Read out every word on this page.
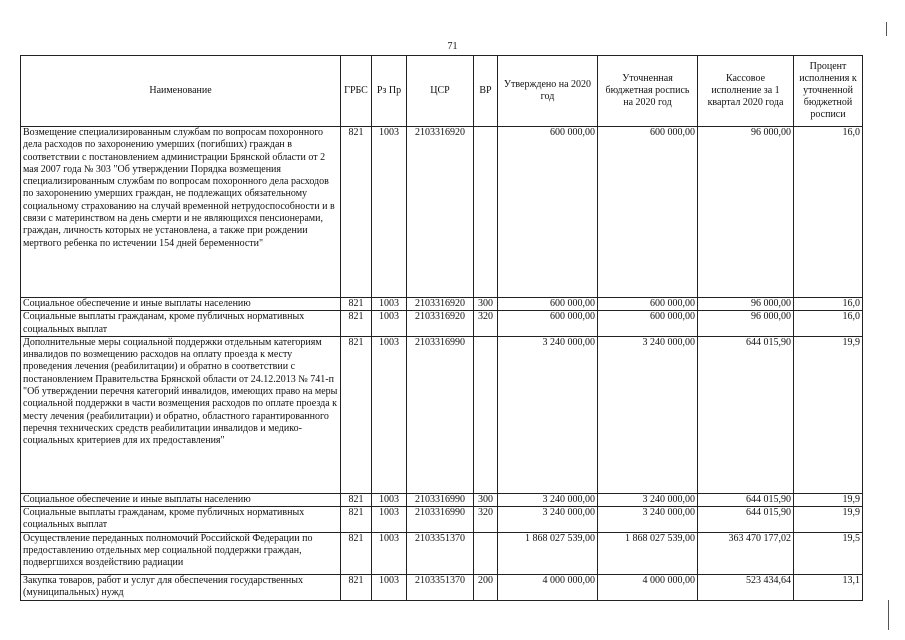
71
Наименование	ГРБС	Рз Пр	ЦСР	ВР	Утверждено на 2020 год	Уточненная бюджетная роспись на 2020 год	Кассовое исполнение за 1 квартал 2020 года	Процент исполнения к уточненной бюджетной росписи
Возмещение специализированным службам по вопросам похоронного дела расходов по захоронению умерших (погибших) граждан в соответствии с постановлением администрации Брянской области от 2 мая 2007 года № 303 "Об утверждении Порядка возмещения специализированным службам по вопросам похоронного дела расходов по захоронению умерших граждан, не подлежащих обязательному социальному страхованию на случай временной нетрудоспособности и в связи с материнством на день смерти и не являющихся пенсионерами, граждан, личность которых не установлена, а также при рождении мертвого ребенка по истечении 154 дней беременности"	821	1003	2103316920		600 000,00	600 000,00	96 000,00	16,0
Социальное обеспечение и иные выплаты населению	821	1003	2103316920	300	600 000,00	600 000,00	96 000,00	16,0
Социальные выплаты гражданам, кроме публичных нормативных социальных выплат	821	1003	2103316920	320	600 000,00	600 000,00	96 000,00	16,0
Дополнительные меры социальной поддержки отдельным категориям инвалидов по возмещению расходов на оплату проезда к месту проведения лечения (реабилитации) и обратно в соответствии с постановлением Правительства Брянской области от 24.12.2013 № 741-п "Об утверждении перечня категорий инвалидов, имеющих право на меры социальной поддержки в части возмещения расходов по оплате проезда к месту лечения (реабилитации) и обратно, областного гарантированного перечня технических средств реабилитации инвалидов и медико-социальных критериев для их предоставления"	821	1003	2103316990		3 240 000,00	3 240 000,00	644 015,90	19,9
Социальное обеспечение и иные выплаты населению	821	1003	2103316990	300	3 240 000,00	3 240 000,00	644 015,90	19,9
Социальные выплаты гражданам, кроме публичных нормативных социальных выплат	821	1003	2103316990	320	3 240 000,00	3 240 000,00	644 015,90	19,9
Осуществление переданных полномочий Российской Федерации по предоставлению отдельных мер социальной поддержки граждан, подвергшихся воздействию радиации	821	1003	2103351370		1 868 027 539,00	1 868 027 539,00	363 470 177,02	19,5
Закупка товаров, работ и услуг для обеспечения государственных (муниципальных) нужд	821	1003	2103351370	200	4 000 000,00	4 000 000,00	523 434,64	13,1
